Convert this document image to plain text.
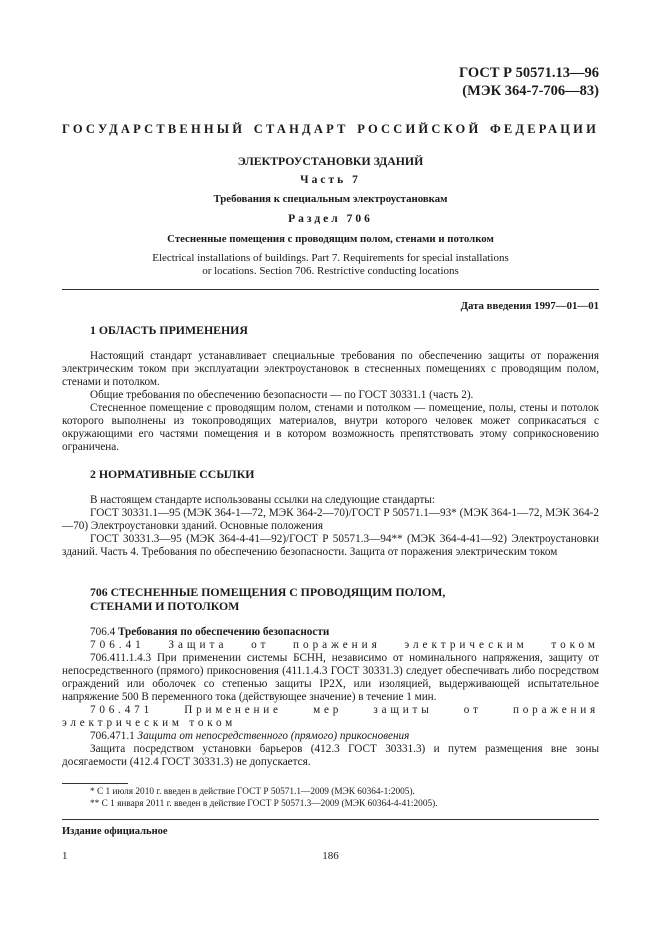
ГОСТ Р 50571.13—96
(МЭК 364-7-706—83)
ГОСУДАРСТВЕННЫЙ СТАНДАРТ РОССИЙСКОЙ ФЕДЕРАЦИИ
ЭЛЕКТРОУСТАНОВКИ ЗДАНИЙ
Часть 7
Требования к специальным электроустановкам
Раздел 706
Стесненные помещения с проводящим полом, стенами и потолком
Electrical installations of buildings. Part 7. Requirements for special installations
or locations. Section 706. Restrictive conducting locations
Дата введения 1997—01—01
1 ОБЛАСТЬ ПРИМЕНЕНИЯ
Настоящий стандарт устанавливает специальные требования по обеспечению защиты от поражения электрическим током при эксплуатации электроустановок в стесненных помещениях с проводящим полом, стенами и потолком.
Общие требования по обеспечению безопасности — по ГОСТ 30331.1 (часть 2).
Стесненное помещение с проводящим полом, стенами и потолком — помещение, полы, стены и потолок которого выполнены из токопроводящих материалов, внутри которого человек может соприкасаться с окружающими его частями помещения и в котором возможность препятствовать этому соприкосновению ограничена.
2 НОРМАТИВНЫЕ ССЫЛКИ
В настоящем стандарте использованы ссылки на следующие стандарты:
ГОСТ 30331.1—95 (МЭК 364-1—72, МЭК 364-2—70)/ГОСТ Р 50571.1—93* (МЭК 364-1—72, МЭК 364-2—70) Электроустановки зданий. Основные положения
ГОСТ 30331.3—95 (МЭК 364-4-41—92)/ГОСТ Р 50571.3—94** (МЭК 364-4-41—92) Электроустановки зданий. Часть 4. Требования по обеспечению безопасности. Защита от поражения электрическим током
706 СТЕСНЕННЫЕ ПОМЕЩЕНИЯ С ПРОВОДЯЩИМ ПОЛОМ,
СТЕНАМИ И ПОТОЛКОМ
706.4 Требования по обеспечению безопасности
706.41 Защита от поражения электрическим током
706.411.1.4.3 При применении системы БСНН, независимо от номинального напряжения, защиту от непосредственного (прямого) прикосновения (411.1.4.3 ГОСТ 30331.3) следует обеспечивать либо посредством ограждений или оболочек со степенью защиты IP2X, или изоляцией, выдерживающей испытательное напряжение 500 В переменного тока (действующее значение) в течение 1 мин.
706.471 Применение мер защиты от поражения электрическим током
706.471.1 Защита от непосредственного (прямого) прикосновения
Защита посредством установки барьеров (412.3 ГОСТ 30331.3) и путем размещения вне зоны досягаемости (412.4 ГОСТ 30331.3) не допускается.
* С 1 июля 2010 г. введен в действие ГОСТ Р 50571.1—2009 (МЭК 60364-1:2005).
** С 1 января 2011 г. введен в действие ГОСТ Р 50571.3—2009 (МЭК 60364-4-41:2005).
Издание официальное
1	186
